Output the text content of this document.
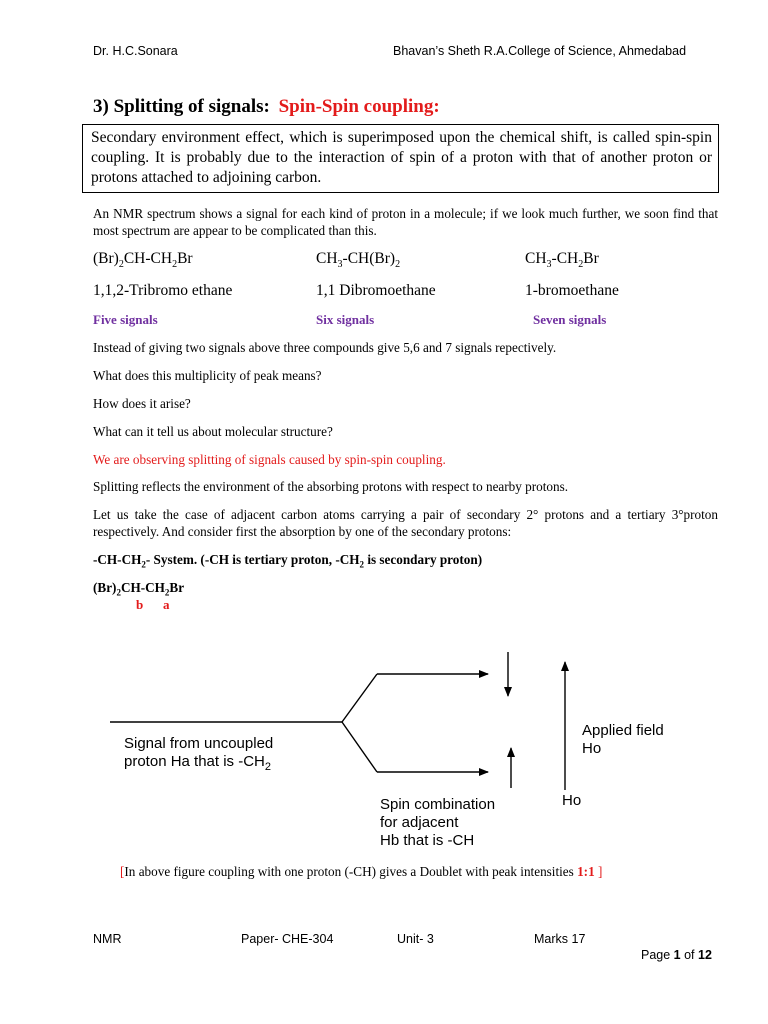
Dr. H.C.Sonara	Bhavan’s Sheth R.A.College of Science, Ahmedabad
3) Splitting of signals: Spin-Spin coupling:
Secondary environment effect, which is superimposed upon the chemical shift, is called spin-spin coupling. It is probably due to the interaction of spin of a proton with that of another proton or protons attached to adjoining carbon.
An NMR spectrum shows a signal for each kind of proton in a molecule; if we look much further, we soon find that most spectrum are appear to be complicated than this.
$(Br)_2CH-CH_2Br$	$CH_3-CH(Br)_2$	$CH_3-CH_2Br$
1,1,2-Tribromo ethane	1,1 Dibromoethane	1-bromoethane
Five signals	Six signals	Seven signals
Instead of giving two signals above three compounds give 5,6 and 7 signals repectively.
What does this multiplicity of peak means?
How does it arise?
What can it tell us about molecular structure?
We are observing splitting of signals caused by spin-spin coupling.
Splitting reflects the environment of the absorbing protons with respect to nearby protons.
Let us take the case of adjacent carbon atoms carrying a pair of secondary 2° protons and a tertiary 3°proton respectively. And consider first the absorption by one of the secondary protons:
$-CH-CH_2-$ System. (-CH is tertiary proton, $-CH_2$ is secondary proton)
$(Br)_2CH-CH_2Br$
b a
Signal from uncoupled
proton Ha that is $-CH_2$
Applied field
Ho
Ho
Spin combination
for adjacent
Hb that is -CH
[In above figure coupling with one proton (-CH) gives a Doublet with peak intensities 1:1 ]
NMR	Paper- CHE-304	Unit- 3	Marks 17
Page 1 of 12
